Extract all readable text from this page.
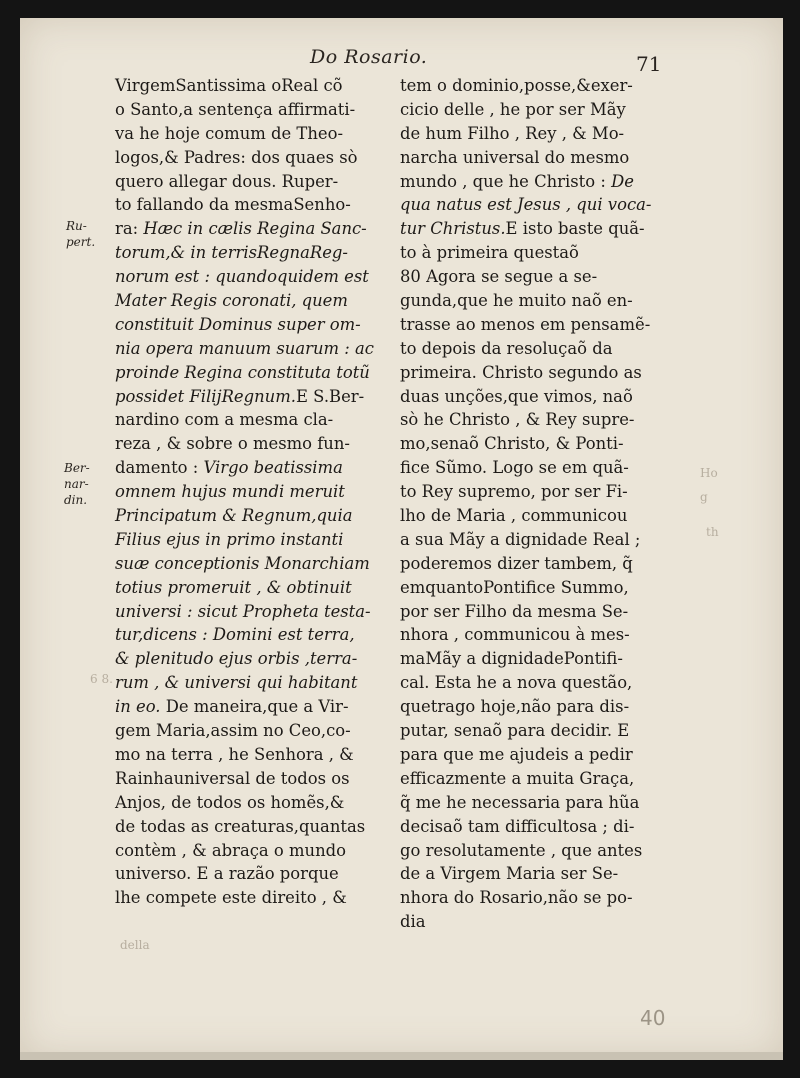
Do Rosario.	71
Ru-
pert.
Ber-
nar-
din.
VirgemSantissima oReal cõ
o Santo,a sentença affirmati-
va he hoje comum de Theo-
logos,& Padres: dos quaes sò
quero allegar dous. Ruper-
to fallando da mesmaSenho-
ra: Hæc in cælis Regina Sanc-
torum,& in terrisRegnaReg-
norum est : quandoquidem est
Mater Regis coronati, quem
constituit Dominus super om-
nia opera manuum suarum : ac
proinde Regina constituta totũ
possidet FilijRegnum.E S.Ber-
nardino com a mesma cla-
reza , & sobre o mesmo fun-
damento : Virgo beatissima
omnem hujus mundi meruit
Principatum & Regnum,quia
Filius ejus in primo instanti
suæ conceptionis Monarchiam
totius promeruit , & obtinuit
universi : sicut Propheta testa-
tur,dicens : Domini est terra,
& plenitudo ejus orbis ,terra-
rum , & universi qui habitant
in eo. De maneira,que a Vir-
gem Maria,assim no Ceo,co-
mo na terra , he Senhora , &
Rainhauniversal de todos os
Anjos, de todos os homẽs,&
de todas as creaturas,quantas
contèm , & abraça o mundo
universo. E a razão porque
lhe compete este direito , &
tem o dominio,posse,&exer-
cicio delle , he por ser Mãy
de hum Filho , Rey , & Mo-
narcha universal do mesmo
mundo , que he Christo : De
qua natus est Jesus , qui voca-
tur Christus.E isto baste quã-
to à primeira questaõ
80 Agora se segue a se-
gunda,que he muito naõ en-
trasse ao menos em pensamẽ-
to depois da resoluçaõ da
primeira. Christo segundo as
duas unções,que vimos, naõ
sò he Christo , & Rey supre-
mo,senaõ Christo, & Ponti-
fice Sũmo. Logo se em quã-
to Rey supremo, por ser Fi-
lho de Maria , communicou
a sua Mãy a dignidade Real ;
poderemos dizer tambem, q̃
emquantoPontifice Summo,
por ser Filho da mesma Se-
nhora , communicou à mes-
maMãy a dignidadePontifi-
cal. Esta he a nova questão,
quetrago hoje,não para dis-
putar, senaõ para decidir. E
para que me ajudeis a pedir
efficazmente a muita Graça,
q̃ me he necessaria para hũa
decisaõ tam difficultosa ; di-
go resolutamente , que antes
de a Virgem Maria ser Se-
nhora do Rosario,não se po-
dia
Ho
g
th
6 8.
della
40
